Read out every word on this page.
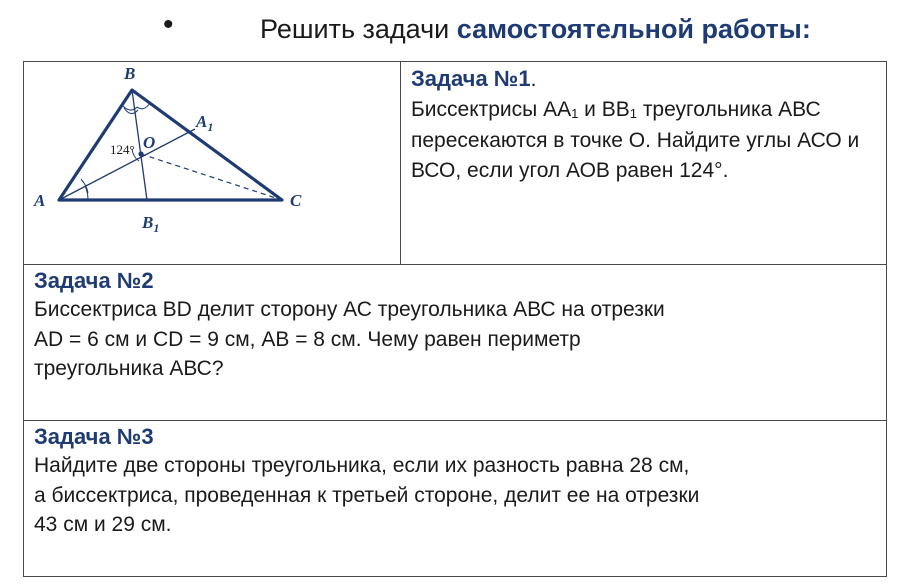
•	Решить задачи самостоятельной работы:
B
A	C
O
$A_1$
$B_1$
124°
Задача №1.
Биссектрисы АА1 и ВВ1 треугольника АВС пересекаются в точке О. Найдите углы АСО и ВСО, если угол АОВ равен 124°.
Задача №2
Биссектриса BD делит сторону АС треугольника АВС на отрезки
AD = 6 см и CD = 9 см, АВ = 8 см. Чему равен периметр
треугольника АВС?
Задача №3
Найдите две стороны треугольника, если их разность равна 28 см,
а биссектриса, проведенная к третьей стороне, делит ее на отрезки
43 см и 29 см.
